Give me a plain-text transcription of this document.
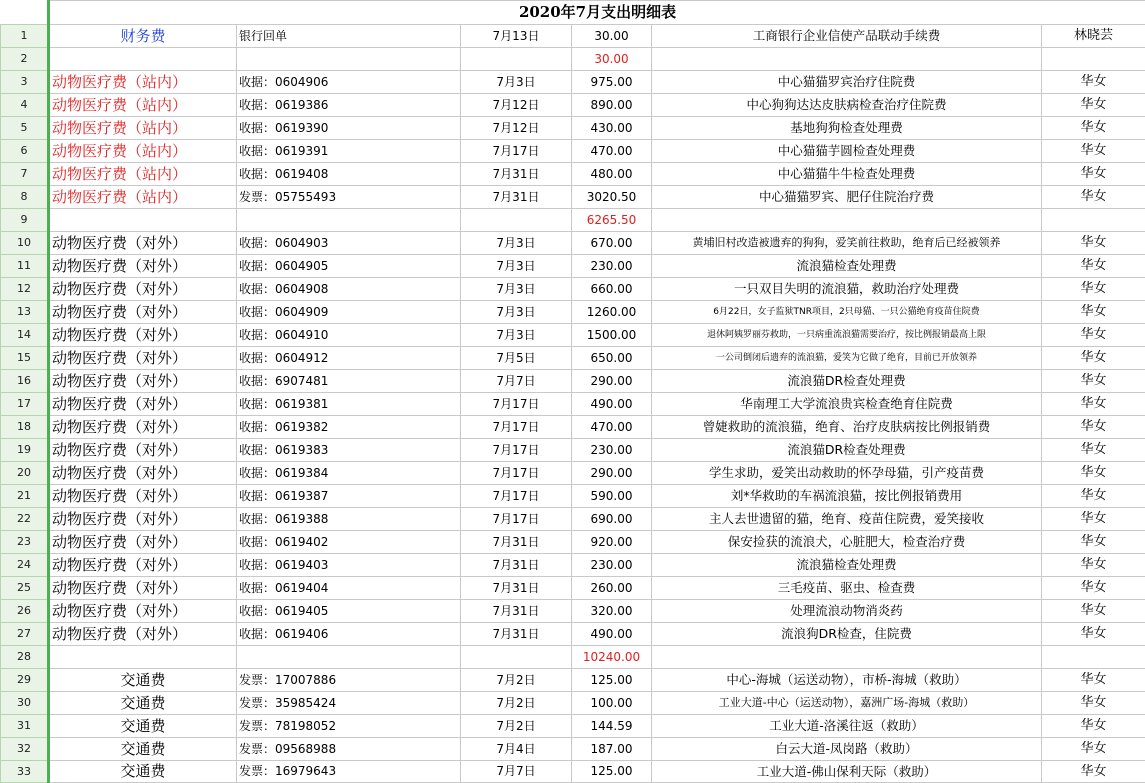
	2020年7月支出明细表					
1	财务费	银行回单	7月13日	30.00	工商银行企业信使产品联动手续费	林晓芸
2				30.00		
3	动物医疗费（站内）	收据：0604906	7月3日	975.00	中心猫猫罗宾治疗住院费	华女
4	动物医疗费（站内）	收据：0619386	7月12日	890.00	中心狗狗达达皮肤病检查治疗住院费	华女
5	动物医疗费（站内）	收据：0619390	7月12日	430.00	基地狗狗检查处理费	华女
6	动物医疗费（站内）	收据：0619391	7月17日	470.00	中心猫猫芋圆检查处理费	华女
7	动物医疗费（站内）	收据：0619408	7月31日	480.00	中心猫猫牛牛检查处理费	华女
8	动物医疗费（站内）	发票：05755493	7月31日	3020.50	中心猫猫罗宾、肥仔住院治疗费	华女
9				6265.50		
10	动物医疗费（对外）	收据：0604903	7月3日	670.00	黄埔旧村改造被遗弃的狗狗，爱笑前往救助，绝育后已经被领养	华女
11	动物医疗费（对外）	收据：0604905	7月3日	230.00	流浪猫检查处理费	华女
12	动物医疗费（对外）	收据：0604908	7月3日	660.00	一只双目失明的流浪猫，救助治疗处理费	华女
13	动物医疗费（对外）	收据：0604909	7月3日	1260.00	6月22日，女子监狱TNR项目，2只母猫、一只公猫绝育疫苗住院费	华女
14	动物医疗费（对外）	收据：0604910	7月3日	1500.00	退休阿姨罗丽芬救助，一只病重流浪猫需要治疗，按比例报销最高上限	华女
15	动物医疗费（对外）	收据：0604912	7月5日	650.00	一公司倒闭后遗弃的流浪猫，爱笑为它做了绝育，目前已开放领养	华女
16	动物医疗费（对外）	收据：6907481	7月7日	290.00	流浪猫DR检查处理费	华女
17	动物医疗费（对外）	收据：0619381	7月17日	490.00	华南理工大学流浪贵宾检查绝育住院费	华女
18	动物医疗费（对外）	收据：0619382	7月17日	470.00	曾婕救助的流浪猫，绝育、治疗皮肤病按比例报销费	华女
19	动物医疗费（对外）	收据：0619383	7月17日	230.00	流浪猫DR检查处理费	华女
20	动物医疗费（对外）	收据：0619384	7月17日	290.00	学生求助，爱笑出动救助的怀孕母猫，引产疫苗费	华女
21	动物医疗费（对外）	收据：0619387	7月17日	590.00	刘*华救助的车祸流浪猫，按比例报销费用	华女
22	动物医疗费（对外）	收据：0619388	7月17日	690.00	主人去世遗留的猫，绝育、疫苗住院费，爱笑接收	华女
23	动物医疗费（对外）	收据：0619402	7月31日	920.00	保安捡获的流浪犬，心脏肥大，检查治疗费	华女
24	动物医疗费（对外）	收据：0619403	7月31日	230.00	流浪猫检查处理费	华女
25	动物医疗费（对外）	收据：0619404	7月31日	260.00	三毛疫苗、驱虫、检查费	华女
26	动物医疗费（对外）	收据：0619405	7月31日	320.00	处理流浪动物消炎药	华女
27	动物医疗费（对外）	收据：0619406	7月31日	490.00	流浪狗DR检查，住院费	华女
28				10240.00		
29	交通费	发票：17007886	7月2日	125.00	中心-海城（运送动物），市桥-海城（救助）	华女
30	交通费	发票：35985424	7月2日	100.00	工业大道-中心（运送动物），嘉洲广场-海城（救助）	华女
31	交通费	发票：78198052	7月2日	144.59	工业大道-洛溪往返（救助）	华女
32	交通费	发票：09568988	7月4日	187.00	白云大道-凤岗路（救助）	华女
33	交通费	发票：16979643	7月7日	125.00	工业大道-佛山保利天际（救助）	华女
